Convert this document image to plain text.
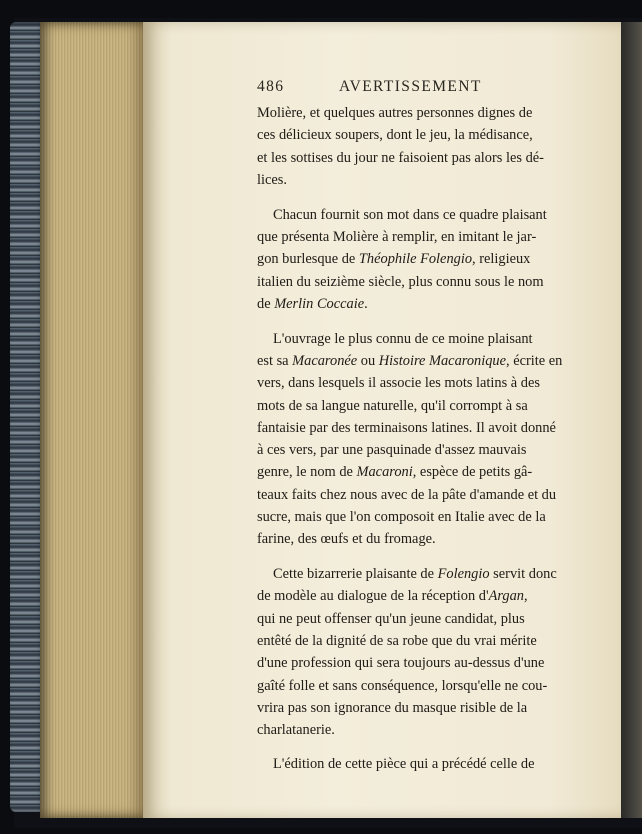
486	AVERTISSEMENT

Molière, et quelques autres personnes dignes de
ces délicieux soupers, dont le jeu, la médisance,
et les sottises du jour ne faisoient pas alors les dé-
lices.

Chacun fournit son mot dans ce quadre plaisant
que présenta Molière à remplir, en imitant le jar-
gon burlesque de Théophile Folengio, religieux
italien du seizième siècle, plus connu sous le nom
de Merlin Coccaie.

L'ouvrage le plus connu de ce moine plaisant
est sa Macaronée ou Histoire Macaronique, écrite en
vers, dans lesquels il associe les mots latins à des
mots de sa langue naturelle, qu'il corrompt à sa
fantaisie par des terminaisons latines. Il avoit donné
à ces vers, par une pasquinade d'assez mauvais
genre, le nom de Macaroni, espèce de petits gâ-
teaux faits chez nous avec de la pâte d'amande et du
sucre, mais que l'on composoit en Italie avec de la
farine, des œufs et du fromage.

Cette bizarrerie plaisante de Folengio servit donc
de modèle au dialogue de la réception d'Argan,
qui ne peut offenser qu'un jeune candidat, plus
entêté de la dignité de sa robe que du vrai mérite
d'une profession qui sera toujours au-dessus d'une
gaîté folle et sans conséquence, lorsqu'elle ne cou-
vrira pas son ignorance du masque risible de la
charlatanerie.

L'édition de cette pièce qui a précédé celle de
